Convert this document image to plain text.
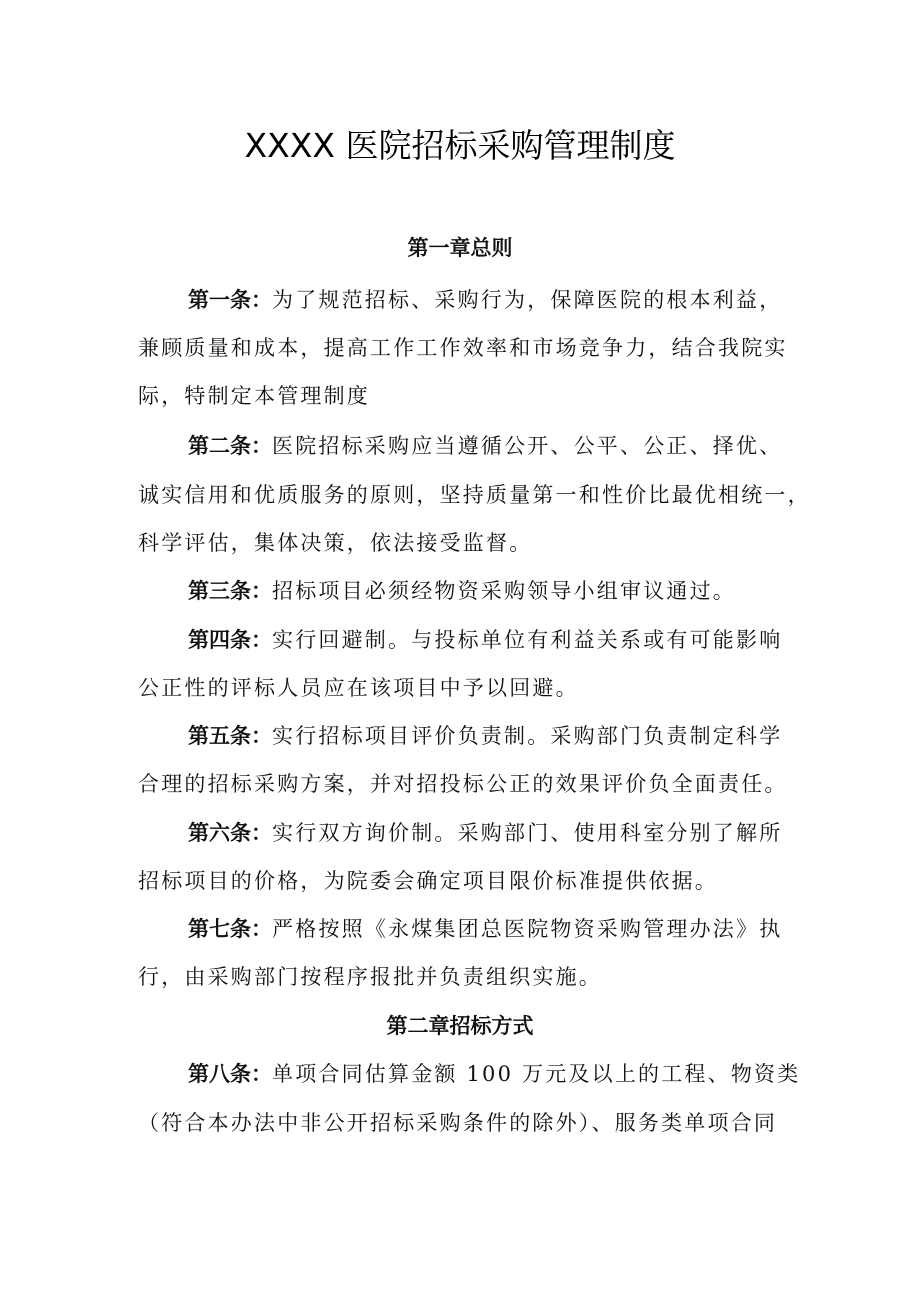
XXXX 医院招标采购管理制度
第一章总则
第一条：为了规范招标、采购行为，保障医院的根本利益，
兼顾质量和成本，提高工作工作效率和市场竞争力，结合我院实
际，特制定本管理制度
第二条：医院招标采购应当遵循公开、公平、公正、择优、
诚实信用和优质服务的原则，坚持质量第一和性价比最优相统一，
科学评估，集体决策，依法接受监督。
第三条：招标项目必须经物资采购领导小组审议通过。
第四条：实行回避制。与投标单位有利益关系或有可能影响
公正性的评标人员应在该项目中予以回避。
第五条：实行招标项目评价负责制。采购部门负责制定科学
合理的招标采购方案，并对招投标公正的效果评价负全面责任。
第六条：实行双方询价制。采购部门、使用科室分别了解所
招标项目的价格，为院委会确定项目限价标准提供依据。
第七条：严格按照《永煤集团总医院物资采购管理办法》执
行，由采购部门按程序报批并负责组织实施。
第二章招标方式
第八条：单项合同估算金额 100 万元及以上的工程、物资类
（符合本办法中非公开招标采购条件的除外）、服务类单项合同
